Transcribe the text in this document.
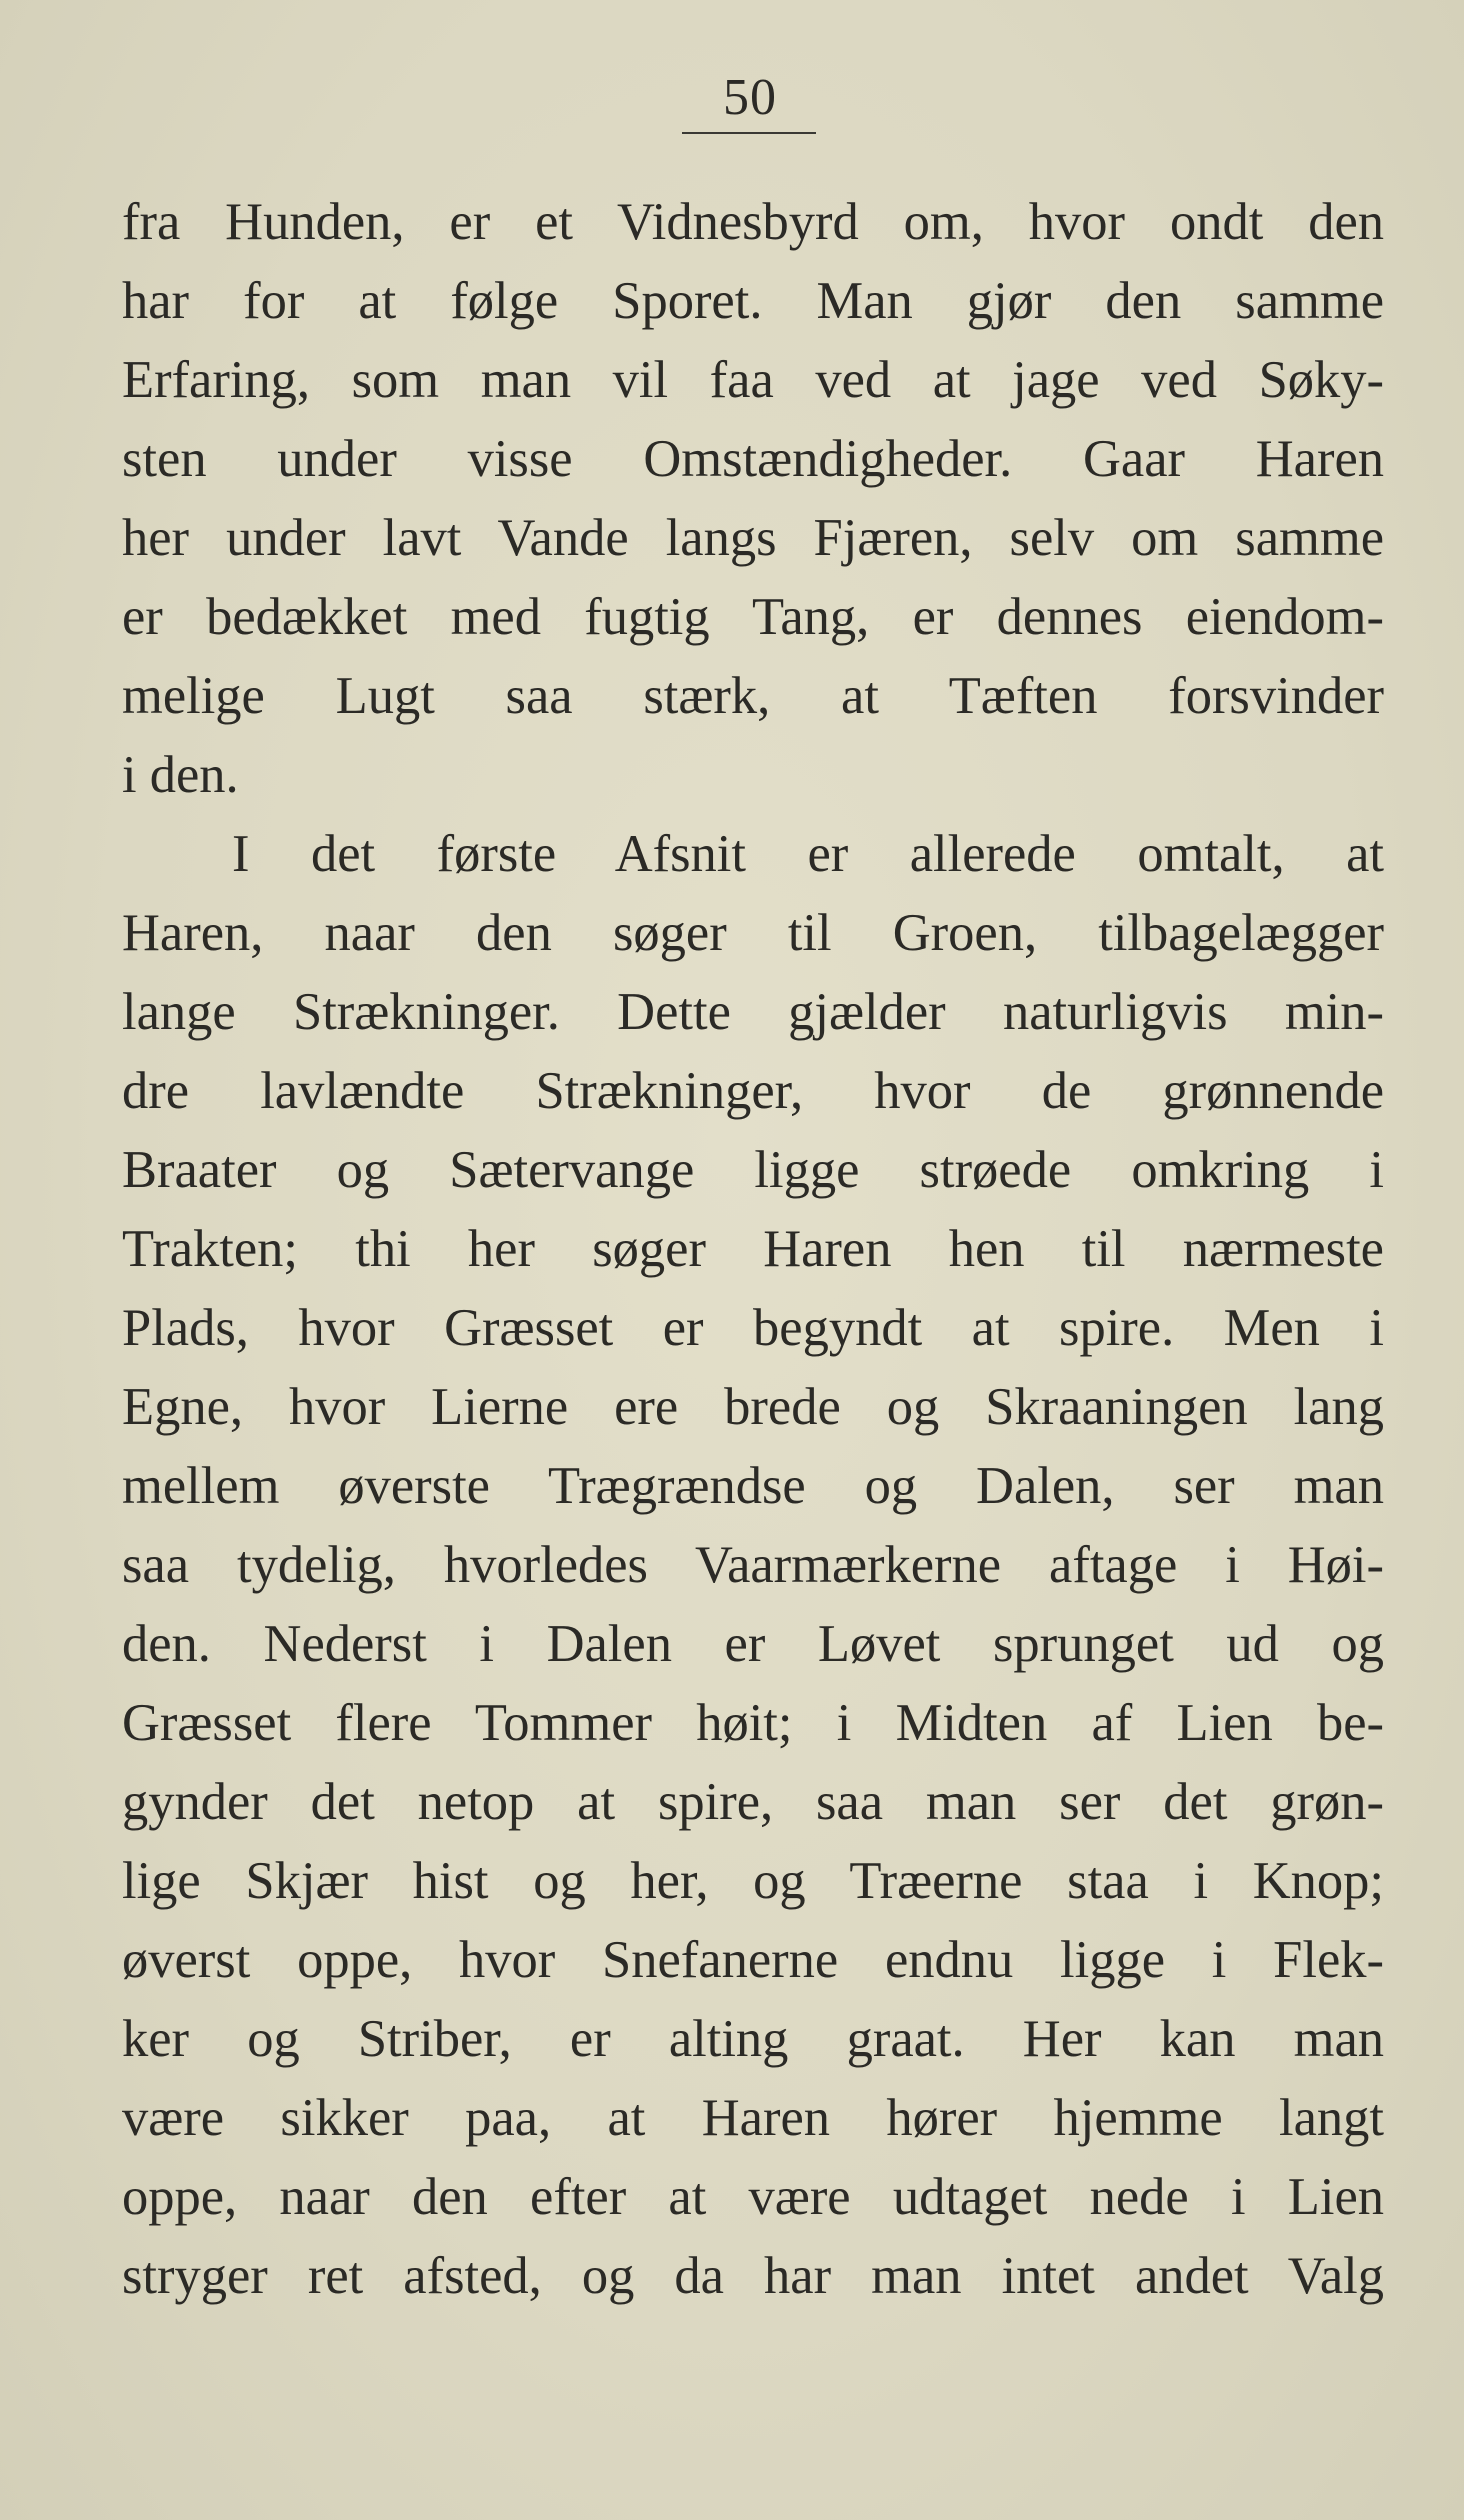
50
fra Hunden, er et Vidnesbyrd om, hvor ondt den
har for at følge Sporet. Man gjør den samme
Erfaring, som man vil faa ved at jage ved Søky-
sten under visse Omstændigheder. Gaar Haren
her under lavt Vande langs Fjæren, selv om samme
er bedækket med fugtig Tang, er dennes eiendom-
melige Lugt saa stærk, at Tæften forsvinder
i den.
I det første Afsnit er allerede omtalt, at
Haren, naar den søger til Groen, tilbagelægger
lange Strækninger. Dette gjælder naturligvis min-
dre lavlændte Strækninger, hvor de grønnende
Braater og Sætervange ligge strøede omkring i
Trakten; thi her søger Haren hen til nærmeste
Plads, hvor Græsset er begyndt at spire. Men i
Egne, hvor Lierne ere brede og Skraaningen lang
mellem øverste Trægrændse og Dalen, ser man
saa tydelig, hvorledes Vaarmærkerne aftage i Høi-
den. Nederst i Dalen er Løvet sprunget ud og
Græsset flere Tommer høit; i Midten af Lien be-
gynder det netop at spire, saa man ser det grøn-
lige Skjær hist og her, og Træerne staa i Knop;
øverst oppe, hvor Snefanerne endnu ligge i Flek-
ker og Striber, er alting graat. Her kan man
være sikker paa, at Haren hører hjemme langt
oppe, naar den efter at være udtaget nede i Lien
stryger ret afsted, og da har man intet andet Valg
